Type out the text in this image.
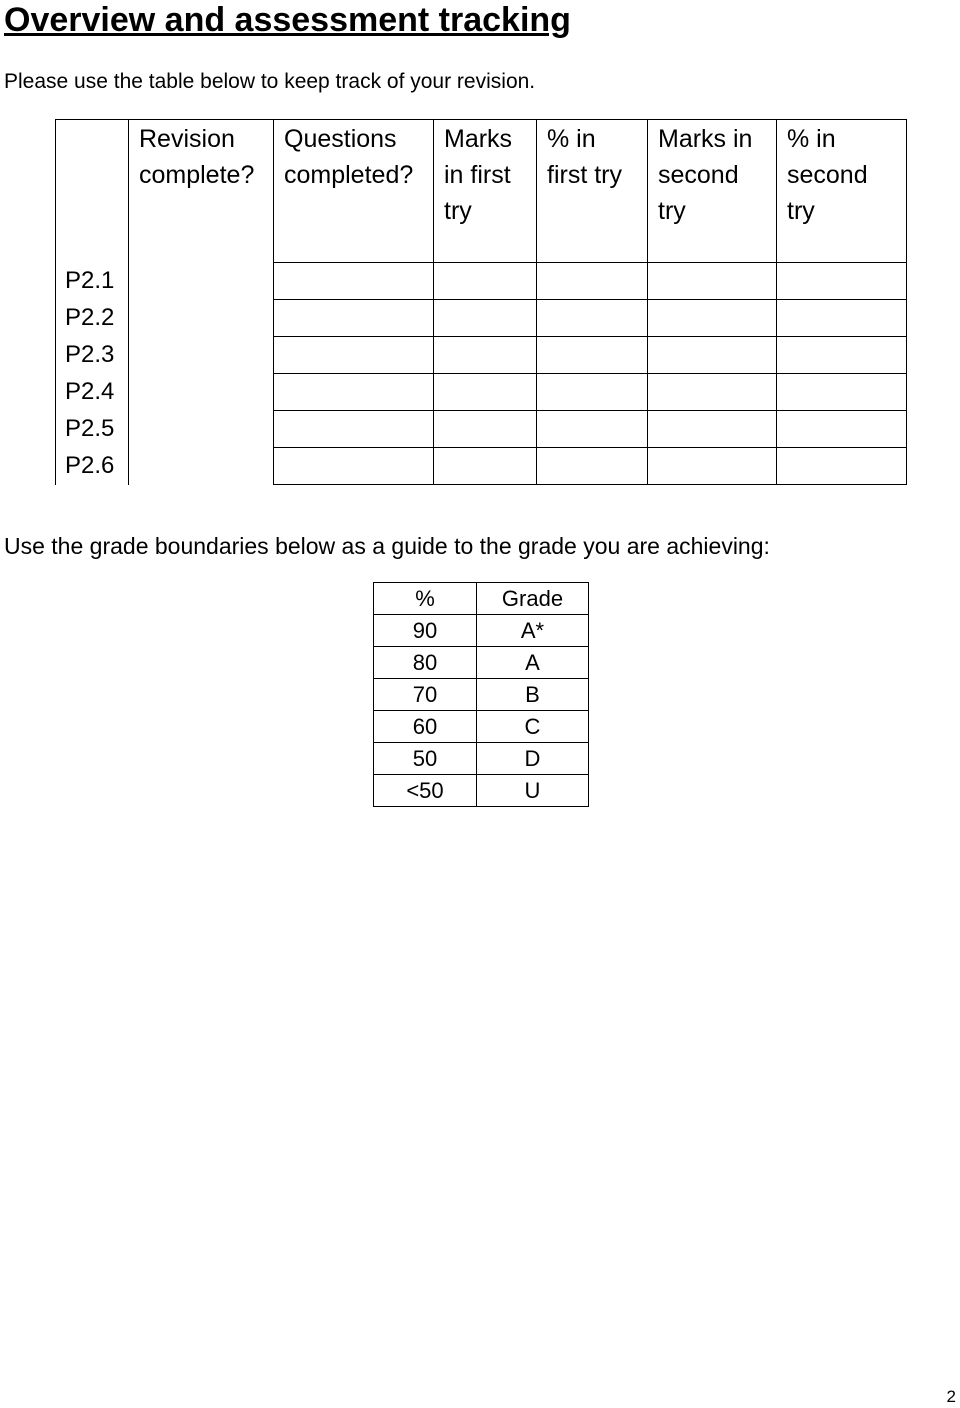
Overview and assessment tracking
Please use the table below to keep track of your revision.

	Revision complete?	Questions completed?	Marks in first try	% in first try	Marks in second try	% in second try

P2.1						
P2.2						
P2.3						
P2.4						
P2.5						
P2.6						
Use the grade boundaries below as a guide to the grade you are achieving:
%	Grade
90	A*
80	A
70	B
60	C
50	D
<50	U
2
